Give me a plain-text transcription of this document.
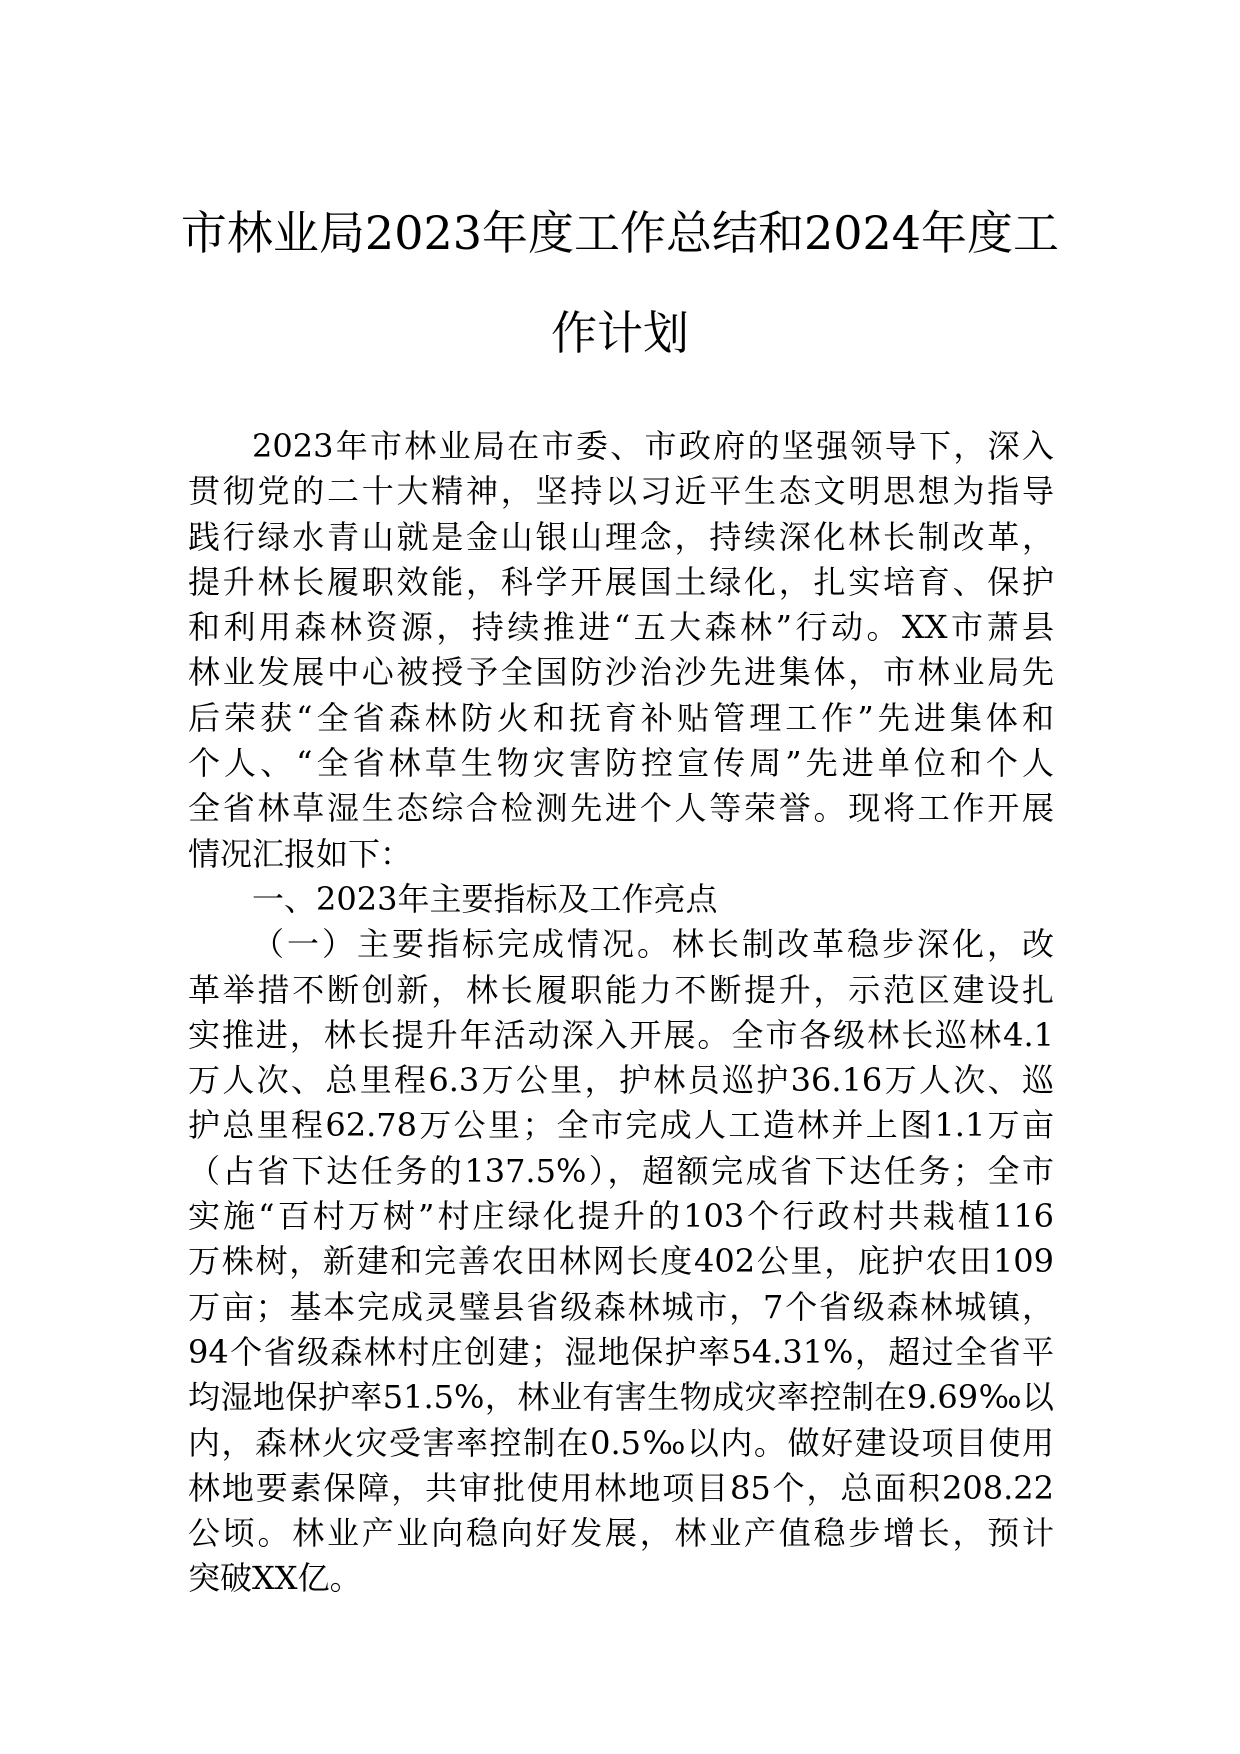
市林业局2023年度工作总结和2024年度工
作计划
2023年市林业局在市委、市政府的坚强领导下，深入
贯彻党的二十大精神，坚持以习近平生态文明思想为指导
践行绿水青山就是金山银山理念，持续深化林长制改革，
提升林长履职效能，科学开展国土绿化，扎实培育、保护
和利用森林资源，持续推进“五大森林”行动。XX市萧县
林业发展中心被授予全国防沙治沙先进集体，市林业局先
后荣获“全省森林防火和抚育补贴管理工作”先进集体和
个人、“全省林草生物灾害防控宣传周”先进单位和个人
全省林草湿生态综合检测先进个人等荣誉。现将工作开展
情况汇报如下：
一、2023年主要指标及工作亮点
（一）主要指标完成情况。林长制改革稳步深化，改
革举措不断创新，林长履职能力不断提升，示范区建设扎
实推进，林长提升年活动深入开展。全市各级林长巡林4.1
万人次、总里程6.3万公里，护林员巡护36.16万人次、巡
护总里程62.78万公里；全市完成人工造林并上图1.1万亩
（占省下达任务的137.5%），超额完成省下达任务；全市
实施“百村万树”村庄绿化提升的103个行政村共栽植116
万株树，新建和完善农田林网长度402公里，庇护农田109
万亩；基本完成灵璧县省级森林城市，7个省级森林城镇，
94个省级森林村庄创建；湿地保护率54.31%，超过全省平
均湿地保护率51.5%，林业有害生物成灾率控制在9.69‰以
内，森林火灾受害率控制在0.5‰以内。做好建设项目使用
林地要素保障，共审批使用林地项目85个，总面积208.22
公顷。林业产业向稳向好发展，林业产值稳步增长，预计
突破XX亿。
